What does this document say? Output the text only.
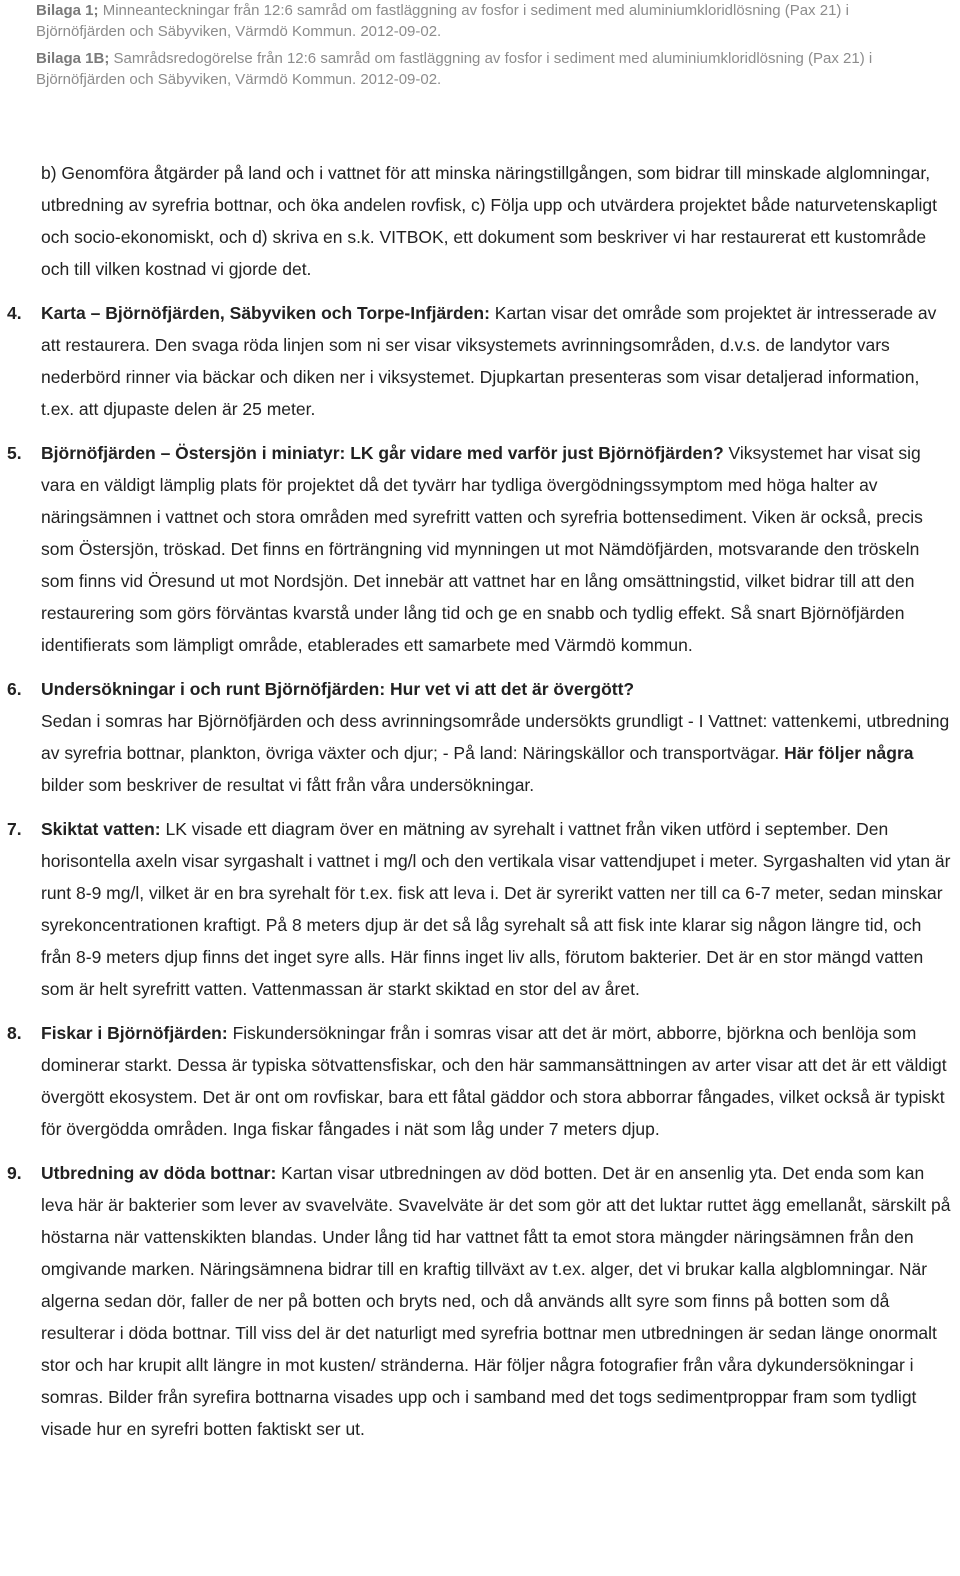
Bilaga 1; Minneanteckningar från 12:6 samråd om fastläggning av fosfor i sediment med aluminiumkloridlösning (Pax 21) i Björnöfjärden och Säbyviken, Värmdö Kommun. 2012-09-02.

Bilaga 1B; Samrådsredogörelse från 12:6 samråd om fastläggning av fosfor i sediment med aluminiumkloridlösning (Pax 21) i Björnöfjärden och Säbyviken, Värmdö Kommun. 2012-09-02.

b) Genomföra åtgärder på land och i vattnet för att minska näringstillgången, som bidrar till minskade alglomningar, utbredning av syrefria bottnar, och öka andelen rovfisk, c) Följa upp och utvärdera projektet både naturvetenskapligt och socio-ekonomiskt, och d) skriva en s.k. VITBOK, ett dokument som beskriver vi har restaurerat ett kustområde och till vilken kostnad vi gjorde det.

4. Karta – Björnöfjärden, Säbyviken och Torpe-Infjärden: Kartan visar det område som projektet är intresserade av att restaurera. Den svaga röda linjen som ni ser visar viksystemets avrinningsområden, d.v.s. de landytor vars nederbörd rinner via bäckar och diken ner i viksystemet. Djupkartan presenteras som visar detaljerad information, t.ex. att djupaste delen är 25 meter.
5. Björnöfjärden – Östersjön i miniatyr: LK går vidare med varför just Björnöfjärden? Viksystemet har visat sig vara en väldigt lämplig plats för projektet då det tyvärr har tydliga övergödningssymptom med höga halter av näringsämnen i vattnet och stora områden med syrefritt vatten och syrefria bottensediment. Viken är också, precis som Östersjön, tröskad. Det finns en förträngning vid mynningen ut mot Nämdöfjärden, motsvarande den tröskeln som finns vid Öresund ut mot Nordsjön. Det innebär att vattnet har en lång omsättningstid, vilket bidrar till att den restaurering som görs förväntas kvarstå under lång tid och ge en snabb och tydlig effekt. Så snart Björnöfjärden identifierats som lämpligt område, etablerades ett samarbete med Värmdö kommun.
6. Undersökningar i och runt Björnöfjärden: Hur vet vi att det är övergött?
Sedan i somras har Björnöfjärden och dess avrinningsområde undersökts grundligt - I Vattnet: vattenkemi, utbredning av syrefria bottnar, plankton, övriga växter och djur; - På land: Näringskällor och transportvägar. Här följer några bilder som beskriver de resultat vi fått från våra undersökningar.
7. Skiktat vatten: LK visade ett diagram över en mätning av syrehalt i vattnet från viken utförd i september. Den horisontella axeln visar syrgashalt i vattnet i mg/l och den vertikala visar vattendjupet i meter. Syrgashalten vid ytan är runt 8-9 mg/l, vilket är en bra syrehalt för t.ex. fisk att leva i. Det är syrerikt vatten ner till ca 6-7 meter, sedan minskar syrekoncentrationen kraftigt. På 8 meters djup är det så låg syrehalt så att fisk inte klarar sig någon längre tid, och från 8-9 meters djup finns det inget syre alls. Här finns inget liv alls, förutom bakterier. Det är en stor mängd vatten som är helt syrefritt vatten. Vattenmassan är starkt skiktad en stor del av året.
8. Fiskar i Björnöfjärden: Fiskundersökningar från i somras visar att det är mört, abborre, björkna och benlöja som dominerar starkt. Dessa är typiska sötvattensfiskar, och den här sammansättningen av arter visar att det är ett väldigt övergött ekosystem. Det är ont om rovfiskar, bara ett fåtal gäddor och stora abborrar fångades, vilket också är typiskt för övergödda områden. Inga fiskar fångades i nät som låg under 7 meters djup.
9. Utbredning av döda bottnar: Kartan visar utbredningen av död botten. Det är en ansenlig yta. Det enda som kan leva här är bakterier som lever av svavelväte. Svavelväte är det som gör att det luktar ruttet ägg emellanåt, särskilt på höstarna när vattenskikten blandas. Under lång tid har vattnet fått ta emot stora mängder näringsämnen från den omgivande marken. Näringsämnena bidrar till en kraftig tillväxt av t.ex. alger, det vi brukar kalla algblomningar. När algerna sedan dör, faller de ner på botten och bryts ned, och då används allt syre som finns på botten som då resulterar i döda bottnar. Till viss del är det naturligt med syrefria bottnar men utbredningen är sedan länge onormalt stor och har krupit allt längre in mot kusten/ stränderna. Här följer några fotografier från våra dykundersökningar i somras. Bilder från syrefira bottnarna visades upp och i samband med det togs sedimentproppar fram som tydligt visade hur en syrefri botten faktiskt ser ut.
